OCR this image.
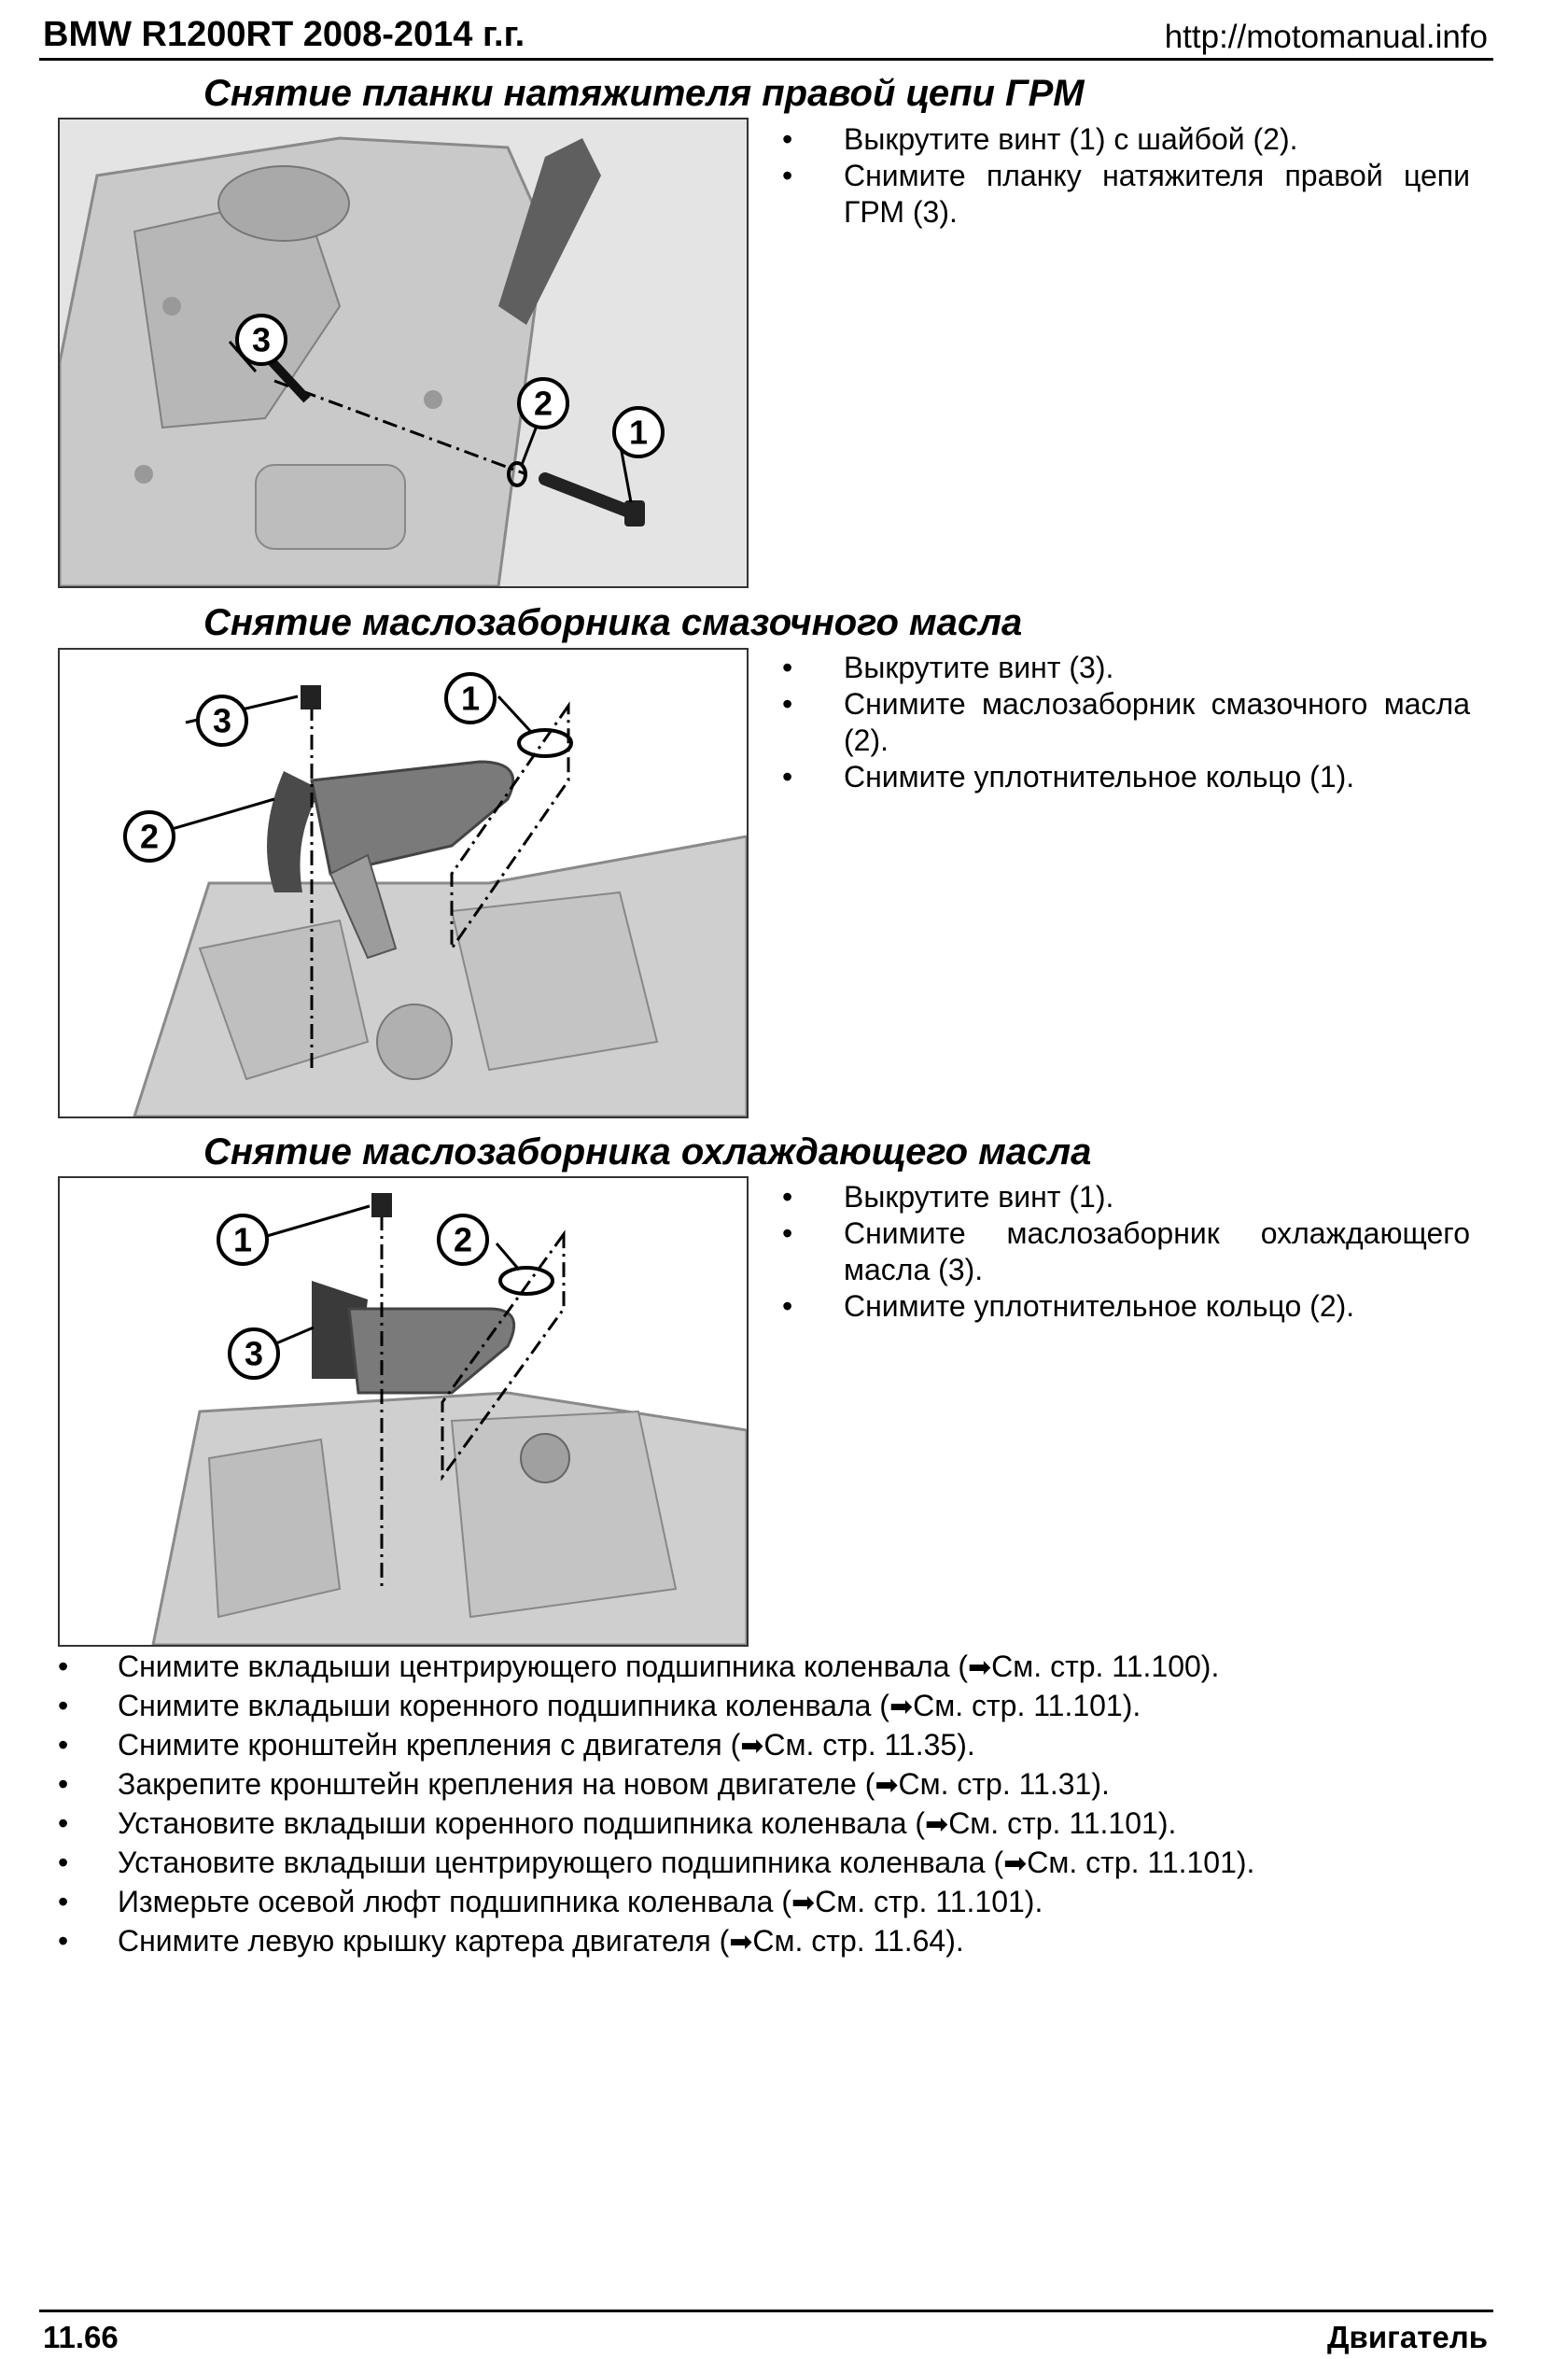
BMW R1200RT 2008-2014 г.г.	http://motomanual.info
Снятие планки натяжителя правой цепи ГРМ
1
2
3
• Выкрутите винт (1) с шайбой (2).
• Снимите планку натяжителя правой цепи ГРМ (3).
Снятие маслозаборника смазочного масла
1
2
3
• Выкрутите винт (3).
• Снимите маслозаборник смазочного масла (2).
• Снимите уплотнительное кольцо (1).
Снятие маслозаборника охлаждающего масла
1	2
3
• Выкрутите винт (1).
• Снимите маслозаборник охлаждающего масла (3).
• Снимите уплотнительное кольцо (2).
• Снимите вкладыши центрирующего подшипника коленвала (➡См. стр. 11.100).
• Снимите вкладыши коренного подшипника коленвала (➡См. стр. 11.101).
• Снимите кронштейн крепления с двигателя (➡См. стр. 11.35).
• Закрепите кронштейн крепления на новом двигателе (➡См. стр. 11.31).
• Установите вкладыши коренного подшипника коленвала (➡См. стр. 11.101).
• Установите вкладыши центрирующего подшипника коленвала (➡См. стр. 11.101).
• Измерьте осевой люфт подшипника коленвала (➡См. стр. 11.101).
• Снимите левую крышку картера двигателя (➡См. стр. 11.64).
11.66	Двигатель
